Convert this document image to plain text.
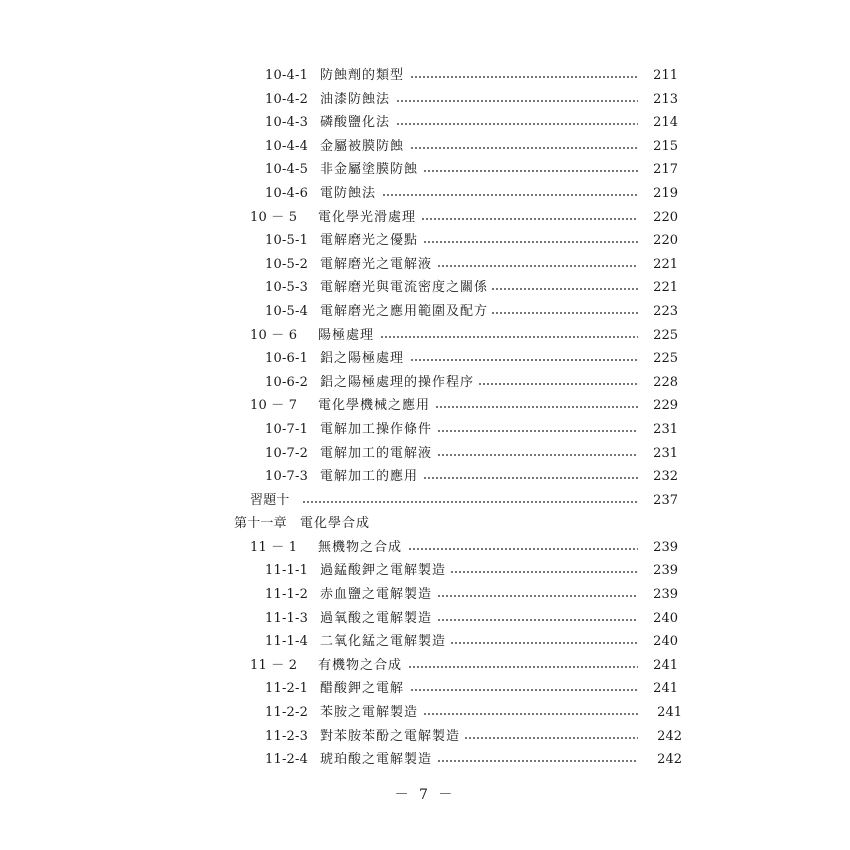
10-4-1 防蝕劑的類型	211
10-4-2 油漆防蝕法	213
10-4-3 磷酸鹽化法	214
10-4-4 金屬被膜防蝕	215
10-4-5 非金屬塗膜防蝕	217
10-4-6 電防蝕法	219
10 － 5 電化學光滑處理	220
10-5-1 電解磨光之優點	220
10-5-2 電解磨光之電解液	221
10-5-3 電解磨光與電流密度之關係	221
10-5-4 電解磨光之應用範圍及配方	223
10 － 6 陽極處理	225
10-6-1 鋁之陽極處理	225
10-6-2 鋁之陽極處理的操作程序	228
10 － 7 電化學機械之應用	229
10-7-1 電解加工操作條件	231
10-7-2 電解加工的電解液	231
10-7-3 電解加工的應用	232
習題十	237
第十一章 電化學合成
11 － 1 無機物之合成	239
11-1-1 過錳酸鉀之電解製造	239
11-1-2 赤血鹽之電解製造	239
11-1-3 過氧酸之電解製造	240
11-1-4 二氧化錳之電解製造	240
11 － 2 有機物之合成	241
11-2-1 醋酸鉀之電解	241
11-2-2 苯胺之電解製造	241
11-2-3 對苯胺苯酚之電解製造	242
11-2-4 琥珀酸之電解製造	242
－ 7 －
